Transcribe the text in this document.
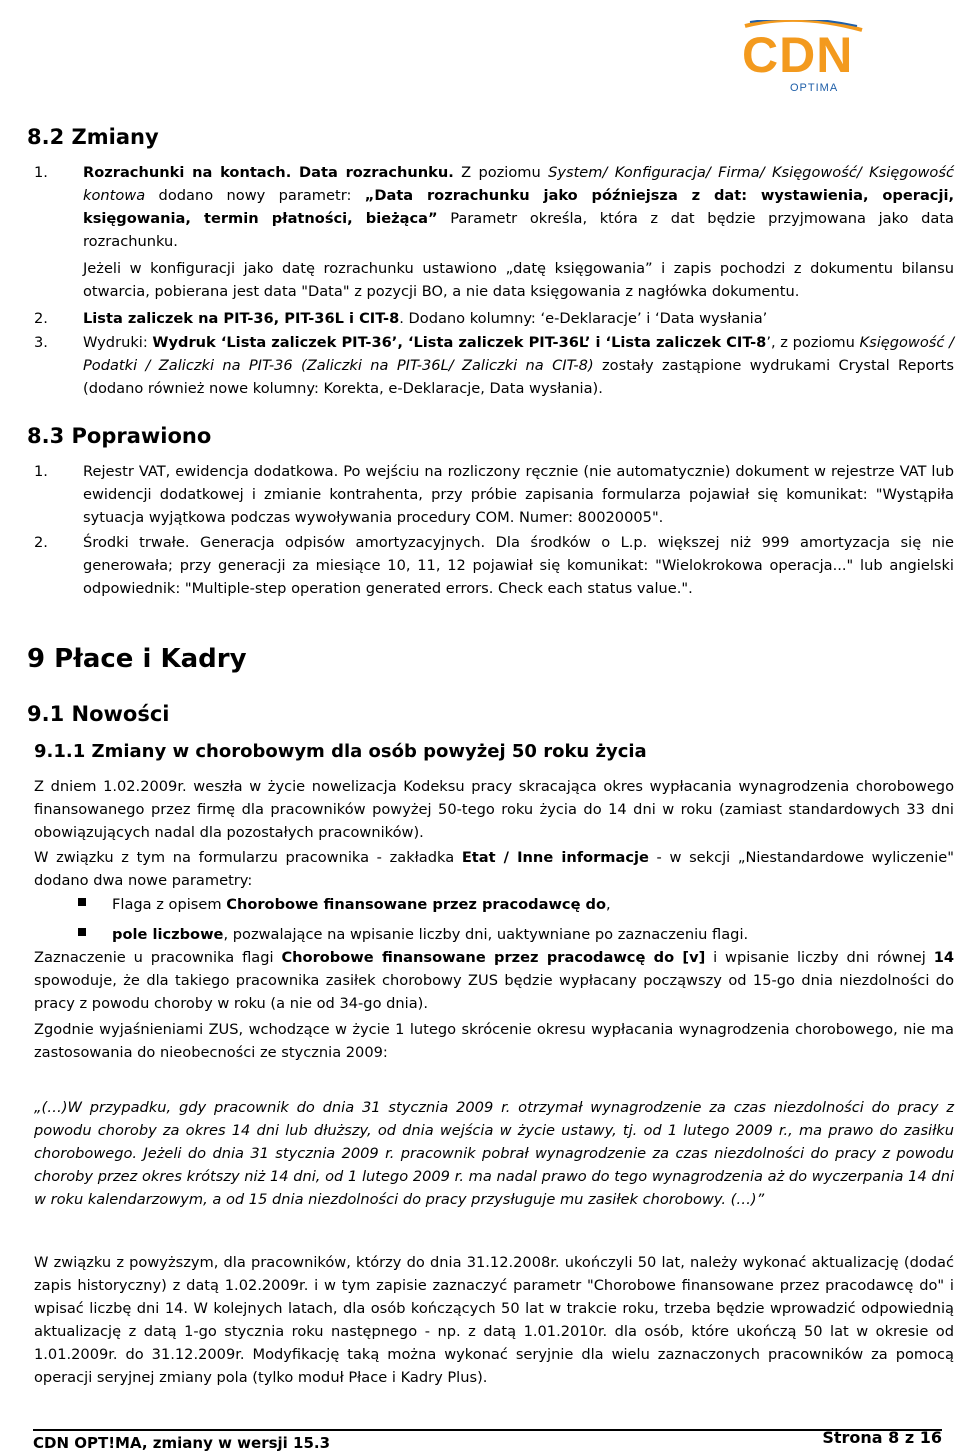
CDN
OPTIMA
8.2 Zmiany
1. Rozrachunki na kontach. Data rozrachunku. Z poziomu System/ Konfiguracja/ Firma/ Księgowość/ Księgowość kontowa dodano nowy parametr: „Data rozrachunku jako późniejsza z dat: wystawienia, operacji, księgowania, termin płatności, bieżąca” Parametr określa, która z dat będzie przyjmowana jako data rozrachunku.
Jeżeli w konfiguracji jako datę rozrachunku ustawiono „datę księgowania” i zapis pochodzi z dokumentu bilansu otwarcia, pobierana jest data "Data" z pozycji BO, a nie data księgowania z nagłówka dokumentu.
2. Lista zaliczek na PIT-36, PIT-36L i CIT-8. Dodano kolumny: ‘e-Deklaracje’ i ‘Data wysłania’
3. Wydruki: Wydruk ‘Lista zaliczek PIT-36’, ‘Lista zaliczek PIT-36L’ i ‘Lista zaliczek CIT-8’, z poziomu Księgowość / Podatki / Zaliczki na PIT-36 (Zaliczki na PIT-36L/ Zaliczki na CIT-8) zostały zastąpione wydrukami Crystal Reports (dodano również nowe kolumny: Korekta, e-Deklaracje, Data wysłania).
8.3 Poprawiono
1. Rejestr VAT, ewidencja dodatkowa. Po wejściu na rozliczony ręcznie (nie automatycznie) dokument w rejestrze VAT lub ewidencji dodatkowej i zmianie kontrahenta, przy próbie zapisania formularza pojawiał się komunikat: "Wystąpiła sytuacja wyjątkowa podczas wywoływania procedury COM. Numer: 80020005".
2. Środki trwałe. Generacja odpisów amortyzacyjnych. Dla środków o L.p. większej niż 999 amortyzacja się nie generowała; przy generacji za miesiące 10, 11, 12 pojawiał się komunikat: "Wielokrokowa operacja..." lub angielski odpowiednik: "Multiple-step operation generated errors. Check each status value.".
9 Płace i Kadry
9.1 Nowości
9.1.1 Zmiany w chorobowym dla osób powyżej 50 roku życia
Z dniem 1.02.2009r. weszła w życie nowelizacja Kodeksu pracy skracająca okres wypłacania wynagrodzenia chorobowego finansowanego przez firmę dla pracowników powyżej 50-tego roku życia do 14 dni w roku (zamiast standardowych 33 dni obowiązujących nadal dla pozostałych pracowników).
W związku z tym na formularzu pracownika - zakładka Etat / Inne informacje - w sekcji „Niestandardowe wyliczenie" dodano dwa nowe parametry:
Flaga z opisem Chorobowe finansowane przez pracodawcę do,
pole liczbowe, pozwalające na wpisanie liczby dni, uaktywniane po zaznaczeniu flagi.
Zaznaczenie u pracownika flagi Chorobowe finansowane przez pracodawcę do [v] i wpisanie liczby dni równej 14 spowoduje, że dla takiego pracownika zasiłek chorobowy ZUS będzie wypłacany począwszy od 15-go dnia niezdolności do pracy z powodu choroby w roku (a nie od 34-go dnia).
Zgodnie wyjaśnieniami ZUS, wchodzące w życie 1 lutego skrócenie okresu wypłacania wynagrodzenia chorobowego, nie ma zastosowania do nieobecności ze stycznia 2009:
„(…)W przypadku, gdy pracownik do dnia 31 stycznia 2009 r. otrzymał wynagrodzenie za czas niezdolności do pracy z powodu choroby za okres 14 dni lub dłuższy, od dnia wejścia w życie ustawy, tj. od 1 lutego 2009 r., ma prawo do zasiłku chorobowego. Jeżeli do dnia 31 stycznia 2009 r. pracownik pobrał wynagrodzenie za czas niezdolności do pracy z powodu choroby przez okres krótszy niż 14 dni, od 1 lutego 2009 r. ma nadal prawo do tego wynagrodzenia aż do wyczerpania 14 dni w roku kalendarzowym, a od 15 dnia niezdolności do pracy przysługuje mu zasiłek chorobowy. (…)”
W związku z powyższym, dla pracowników, którzy do dnia 31.12.2008r. ukończyli 50 lat, należy wykonać aktualizację (dodać zapis historyczny) z datą 1.02.2009r. i w tym zapisie zaznaczyć parametr "Chorobowe finansowane przez pracodawcę do" i wpisać liczbę dni 14. W kolejnych latach, dla osób kończących 50 lat w trakcie roku, trzeba będzie wprowadzić odpowiednią aktualizację z datą 1-go stycznia roku następnego - np. z datą 1.01.2010r. dla osób, które ukończą 50 lat w okresie od 1.01.2009r. do 31.12.2009r. Modyfikację taką można wykonać seryjnie dla wielu zaznaczonych pracowników za pomocą operacji seryjnej zmiany pola (tylko moduł Płace i Kadry Plus).
CDN OPT!MA, zmiany w wersji 15.3	Strona 8 z 16
